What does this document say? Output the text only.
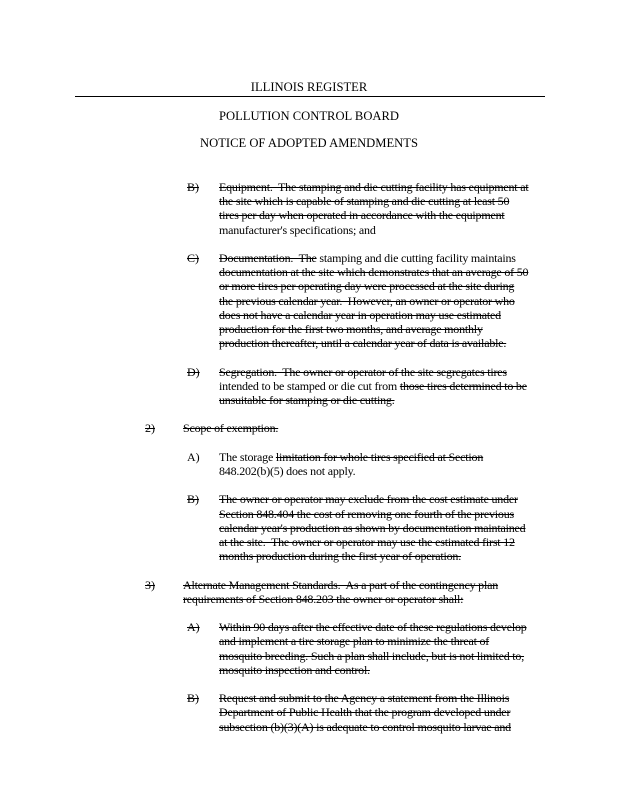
ILLINOIS REGISTER
POLLUTION CONTROL BOARD
NOTICE OF ADOPTED AMENDMENTS
B) Equipment.  The stamping and die cutting facility has equipment at
the site which is capable of stamping and die cutting at least 50
tires per day when operated in accordance with the equipment
manufacturer's specifications; and
C) Documentation.  The stamping and die cutting facility maintains
documentation at the site which demonstrates that an average of 50
or more tires per operating day were processed at the site during
the previous calendar year.  However, an owner or operator who
does not have a calendar year in operation may use estimated
production for the first two months, and average monthly
production thereafter, until a calendar year of data is available.
D) Segregation.  The owner or operator of the site segregates tires
intended to be stamped or die cut from those tires determined to be
unsuitable for stamping or die cutting.
2) Scope of exemption.
A) The storage limitation for whole tires specified at Section
848.202(b)(5) does not apply.
B) The owner or operator may exclude from the cost estimate under
Section 848.404 the cost of removing one fourth of the previous
calendar year's production as shown by documentation maintained
at the site.  The owner or operator may use the estimated first 12
months production during the first year of operation.
3) Alternate Management Standards.  As a part of the contingency plan
requirements of Section 848.203 the owner or operator shall:
A) Within 90 days after the effective date of these regulations develop
and implement a tire storage plan to minimize the threat of
mosquito breeding. Such a plan shall include, but is not limited to,
mosquito inspection and control.
B) Request and submit to the Agency a statement from the Illinois
Department of Public Health that the program developed under
subsection (b)(3)(A) is adequate to control mosquito larvae and
